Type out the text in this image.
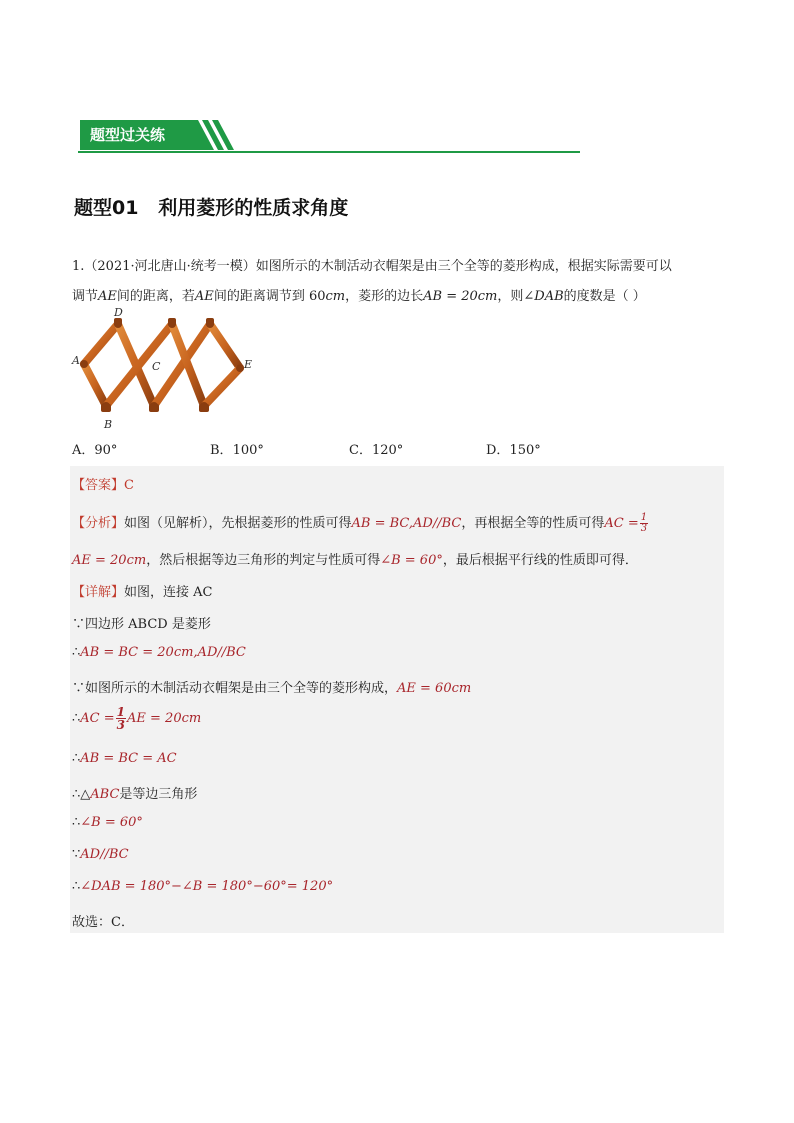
题型过关练
题型01   利用菱形的性质求角度
1.（2021·河北唐山·统考一模）如图所示的木制活动衣帽架是由三个全等的菱形构成，根据实际需要可以
调节AE间的距离，若AE间的距离调节到 60cm，菱形的边长AB = 20cm，则∠DAB的度数是（ ）
D
A	C	E
B
A．90°	B．100°	C．120°	D．150°
【答案】C
【分析】如图（见解析），先根据菱形的性质可得AB = BC,AD//BC，再根据全等的性质可得AC = $\frac{1}{3}$
AE = 20cm，然后根据等边三角形的判定与性质可得∠B = 60°，最后根据平行线的性质即可得．
【详解】如图，连接 AC
∵四边形 ABCD 是菱形
∴AB = BC = 20cm,AD//BC
∵如图所示的木制活动衣帽架是由三个全等的菱形构成，AE = 60cm
∴AC = $\frac{1}{3}$ AE = 20cm
∴AB = BC = AC
∴△ABC是等边三角形
∴∠B = 60°
∵AD//BC
∴∠DAB = 180°−∠B = 180°−60°= 120°
故选：C．
